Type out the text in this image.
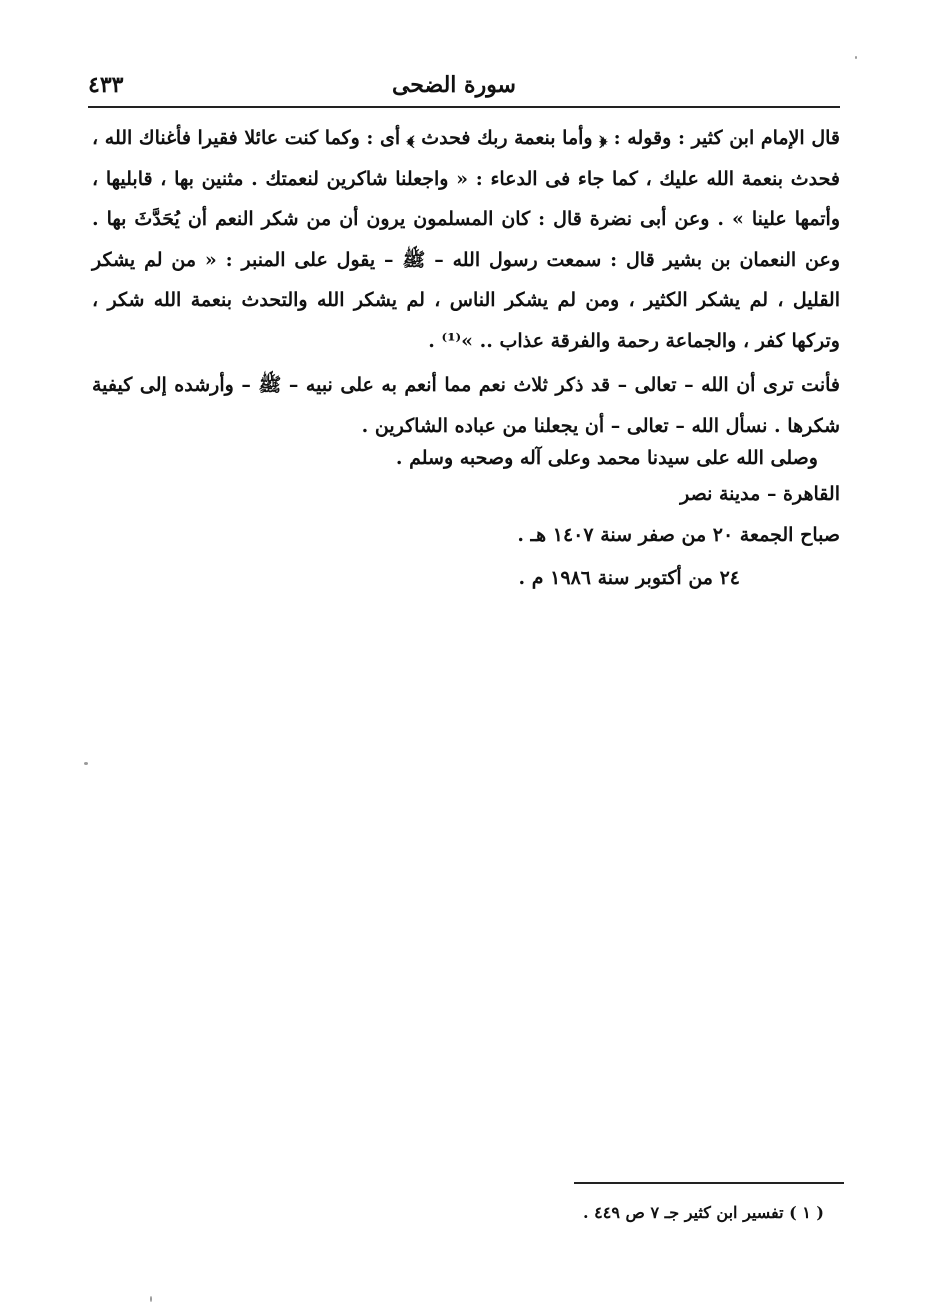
سورة الضحى
٤٣٣

قال الإمام ابن كثير : وقوله : ﴿ وأما بنعمة ربك فحدث ﴾ أى : وكما كنت عائلا فقيرا فأغناك الله ، فحدث بنعمة الله عليك ، كما جاء فى الدعاء : « واجعلنا شاكرين لنعمتك . مثنين بها ، قابليها ، وأتمها علينا » . وعن أبى نضرة قال : كان المسلمون يرون أن من شكر النعم أن يُحَدَّثَ بها . وعن النعمان بن بشير قال : سمعت رسول الله – ﷺ – يقول على المنبر : « من لم يشكر القليل ، لم يشكر الكثير ، ومن لم يشكر الناس ، لم يشكر الله والتحدث بنعمة الله شكر ، وتركها كفر ، والجماعة رحمة والفرقة عذاب .. »⁽¹⁾ .

فأنت ترى أن الله – تعالى – قد ذكر ثلاث نعم مما أنعم به على نبيه – ﷺ – وأرشده إلى كيفية شكرها . نسأل الله – تعالى – أن يجعلنا من عباده الشاكرين .

وصلى الله على سيدنا محمد وعلى آله وصحبه وسلم .
القاهرة – مدينة نصر
صباح الجمعة ٢٠ من صفر سنة ١٤٠٧ هـ .
٢٤ من أكتوبر سنة ١٩٨٦ م .
( ١ ) تفسير ابن كثير جـ ٧ ص ٤٤٩ .
